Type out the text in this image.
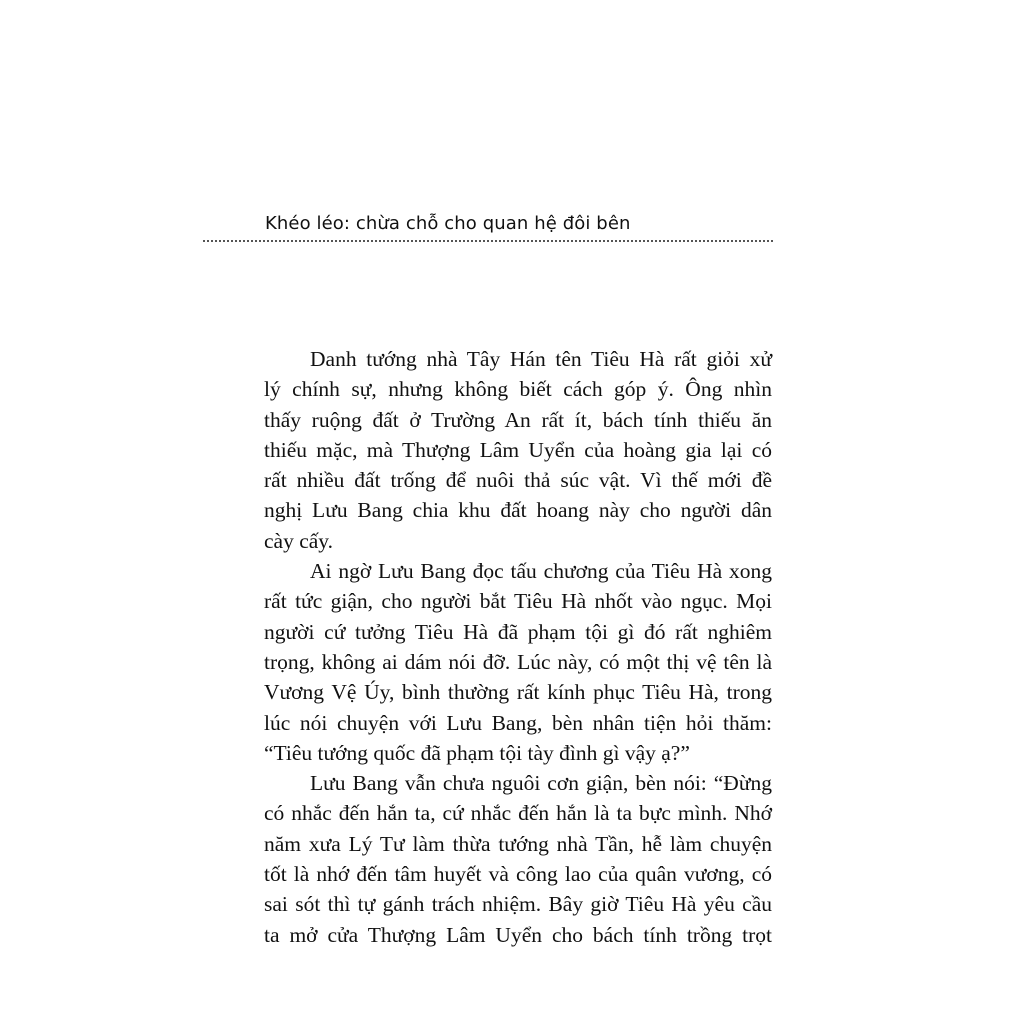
Khéo léo: chừa chỗ cho quan hệ đôi bên
Danh tướng nhà Tây Hán tên Tiêu Hà rất giỏi xử
lý chính sự, nhưng không biết cách góp ý. Ông nhìn
thấy ruộng đất ở Trường An rất ít, bách tính thiếu ăn
thiếu mặc, mà Thượng Lâm Uyển của hoàng gia lại có
rất nhiều đất trống để nuôi thả súc vật. Vì thế mới đề
nghị Lưu Bang chia khu đất hoang này cho người dân
cày cấy.
Ai ngờ Lưu Bang đọc tấu chương của Tiêu Hà xong
rất tức giận, cho người bắt Tiêu Hà nhốt vào ngục. Mọi
người cứ tưởng Tiêu Hà đã phạm tội gì đó rất nghiêm
trọng, không ai dám nói đỡ. Lúc này, có một thị vệ tên là
Vương Vệ Úy, bình thường rất kính phục Tiêu Hà, trong
lúc nói chuyện với Lưu Bang, bèn nhân tiện hỏi thăm:
“Tiêu tướng quốc đã phạm tội tày đình gì vậy ạ?”
Lưu Bang vẫn chưa nguôi cơn giận, bèn nói: “Đừng
có nhắc đến hắn ta, cứ nhắc đến hắn là ta bực mình. Nhớ
năm xưa Lý Tư làm thừa tướng nhà Tần, hễ làm chuyện
tốt là nhớ đến tâm huyết và công lao của quân vương, có
sai sót thì tự gánh trách nhiệm. Bây giờ Tiêu Hà yêu cầu
ta mở cửa Thượng Lâm Uyển cho bách tính trồng trọt
